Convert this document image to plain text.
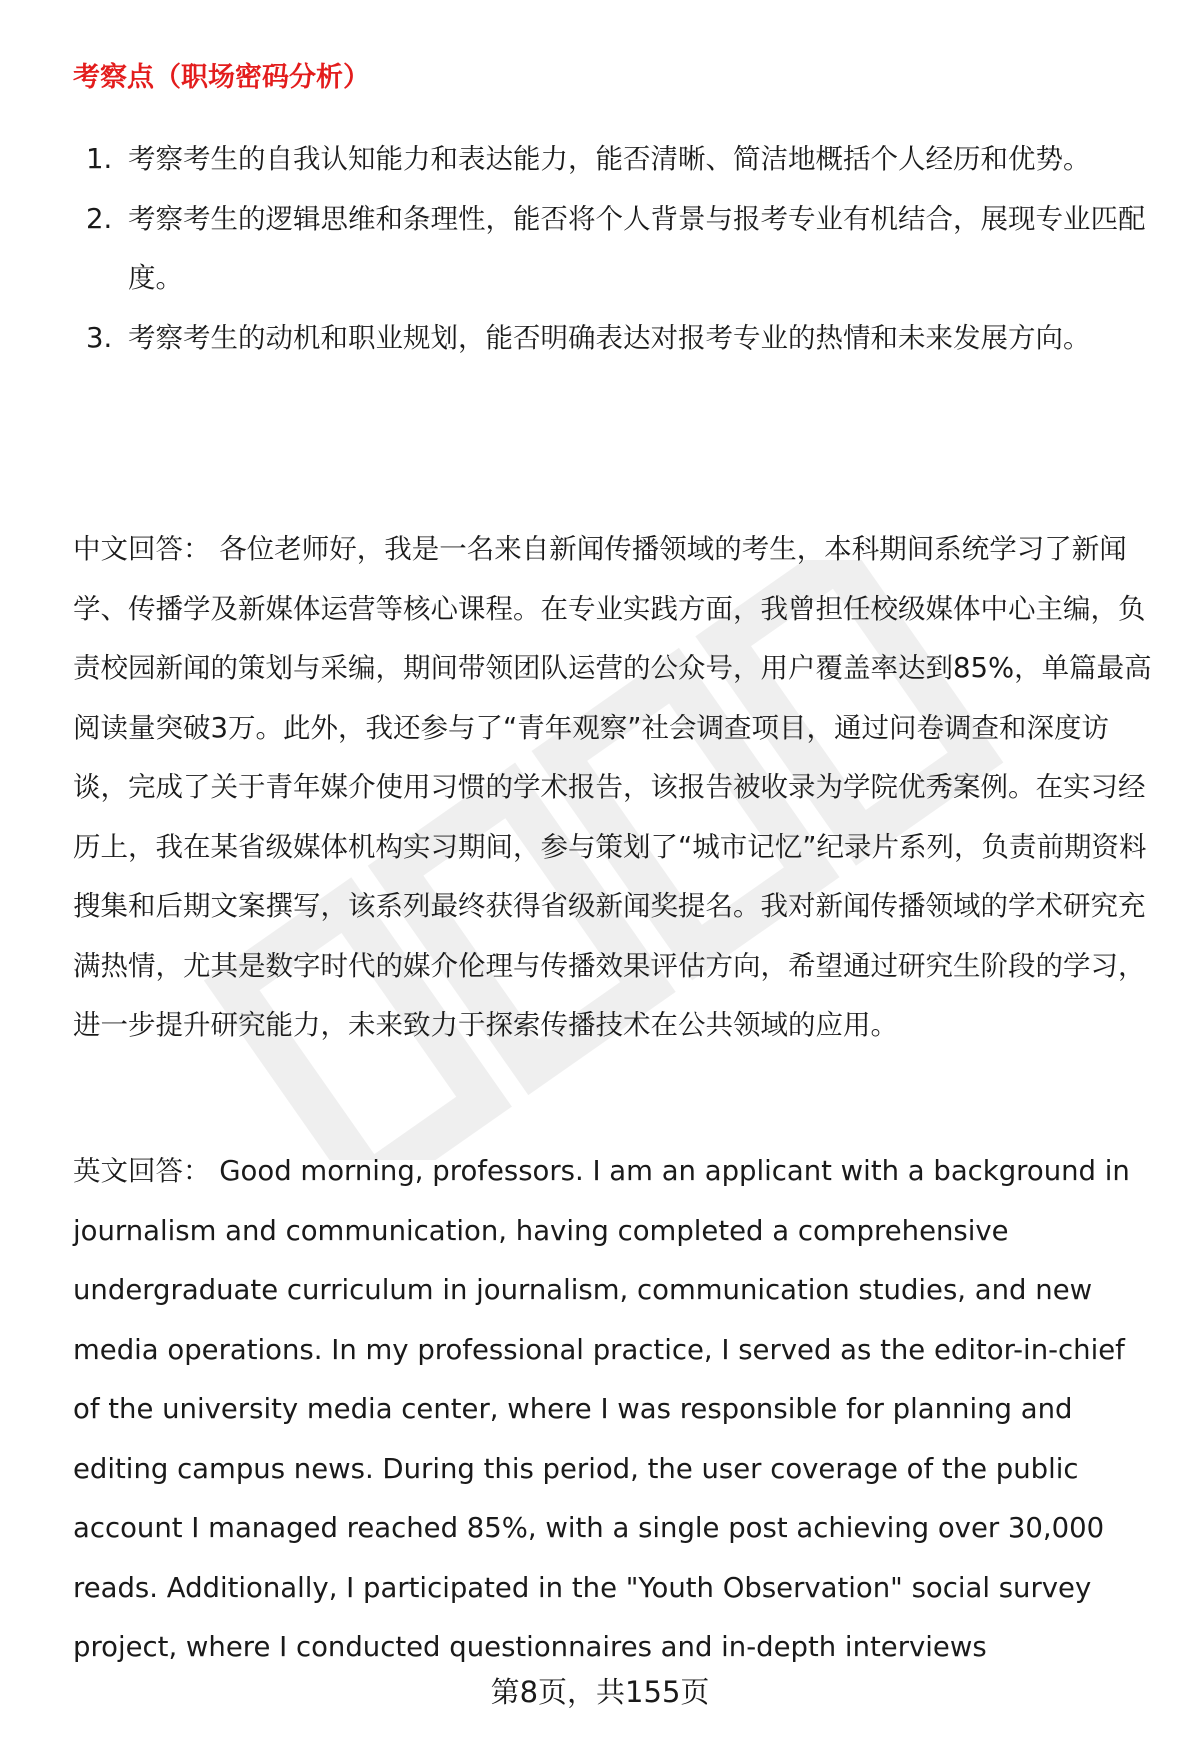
考察点（职场密码分析）
1. 考察考生的自我认知能力和表达能力，能否清晰、简洁地概括个人经历和优势。
2. 考察考生的逻辑思维和条理性，能否将个人背景与报考专业有机结合，展现专业匹配度。
3. 考察考生的动机和职业规划，能否明确表达对报考专业的热情和未来发展方向。

中文回答： 各位老师好，我是一名来自新闻传播领域的考生，本科期间系统学习了新闻学、传播学及新媒体运营等核心课程。在专业实践方面，我曾担任校级媒体中心主编，负责校园新闻的策划与采编，期间带领团队运营的公众号，用户覆盖率达到85%，单篇最高阅读量突破3万。此外，我还参与了“青年观察”社会调查项目，通过问卷调查和深度访谈，完成了关于青年媒介使用习惯的学术报告，该报告被收录为学院优秀案例。在实习经历上，我在某省级媒体机构实习期间，参与策划了“城市记忆”纪录片系列，负责前期资料搜集和后期文案撰写，该系列最终获得省级新闻奖提名。我对新闻传播领域的学术研究充满热情，尤其是数字时代的媒介伦理与传播效果评估方向，希望通过研究生阶段的学习，进一步提升研究能力，未来致力于探索传播技术在公共领域的应用。

英文回答： Good morning, professors. I am an applicant with a background in journalism and communication, having completed a comprehensive undergraduate curriculum in journalism, communication studies, and new media operations. In my professional practice, I served as the editor-in-chief of the university media center, where I was responsible for planning and editing campus news. During this period, the user coverage of the public account I managed reached 85%, with a single post achieving over 30,000 reads. Additionally, I participated in the "Youth Observation" social survey project, where I conducted questionnaires and in-depth interviews

第8页，共155页
